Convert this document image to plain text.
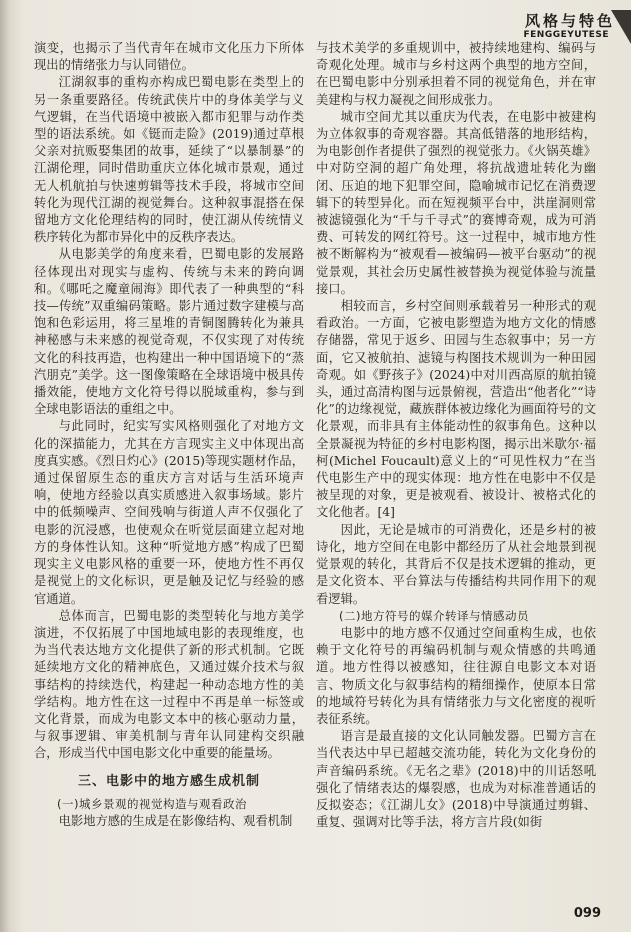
风格与特色
FENGGEYUTESE

演变，也揭示了当代青年在城市文化压力下所体现出的情绪张力与认同错位。

江湖叙事的重构亦构成巴蜀电影在类型上的另一条重要路径。传统武侠片中的身体美学与义气逻辑，在当代语境中被嵌入都市犯罪与动作类型的语法系统。如《铤而走险》(2019)通过草根父亲对抗贩娶集团的故事，延续了“以暴制暴”的江湖伦理，同时借助重庆立体化城市景观，通过无人机航拍与快速剪辑等技术手段，将城市空间转化为现代江湖的视觉舞台。这种叙事混搭在保留地方文化伦理结构的同时，使江湖从传统情义秩序转化为都市异化中的反秩序表达。

从电影美学的角度来看，巴蜀电影的发展路径体现出对现实与虚构、传统与未来的跨向调和。《哪吒之魔童闹海》即代表了一种典型的“科技—传统”双重编码策略。影片通过数字建模与高饱和色彩运用，将三星堆的青铜图腾转化为兼具神秘感与未来感的视觉奇观，不仅实现了对传统文化的科技再造，也构建出一种中国语境下的“蒸汽朋克”美学。这一图像策略在全球语境中极具传播效能，使地方文化符号得以脱域重构，参与到全球电影语法的重组之中。

与此同时，纪实写实风格则强化了对地方文化的深描能力，尤其在方言现实主义中体现出高度真实感。《烈日灼心》(2015)等现实题材作品，通过保留原生态的重庆方言对话与生活环境声响，使地方经验以真实质感进入叙事场域。影片中的低频噪声、空间残响与街道人声不仅强化了电影的沉浸感，也使观众在听觉层面建立起对地方的身体性认知。这种“听觉地方感”构成了巴蜀现实主义电影风格的重要一环，使地方性不再仅是视觉上的文化标识，更是触及记忆与经验的感官通道。

总体而言，巴蜀电影的类型转化与地方美学演进，不仅拓展了中国地域电影的表现维度，也为当代表达地方文化提供了新的形式机制。它既延续地方文化的精神底色，又通过媒介技术与叙事结构的持续迭代，构建起一种动态地方性的美学结构。地方性在这一过程中不再是单一标签或文化背景，而成为电影文本中的核心驱动力量，与叙事逻辑、审美机制与青年认同建构交织融合，形成当代中国电影文化中重要的能量场。

三、电影中的地方感生成机制

(一)城乡景观的视觉构造与观看政治

电影地方感的生成是在影像结构、观看机制

与技术美学的多重规训中，被持续地建构、编码与奇观化处理。城市与乡村这两个典型的地方空间，在巴蜀电影中分别承担着不同的视觉角色，并在审美建构与权力凝视之间形成张力。

城市空间尤其以重庆为代表，在电影中被建构为立体叙事的奇观容器。其高低错落的地形结构，为电影创作者提供了强烈的视觉张力。《火锅英雄》中对防空洞的超广角处理，将抗战遗址转化为幽闭、压迫的地下犯罪空间，隐喻城市记忆在消费逻辑下的转型异化。而在短视频平台中，洪崖洞则常被滤镜强化为“千与千寻式”的赛博奇观，成为可消费、可转发的网红符号。这一过程中，城市地方性被不断解构为“被观看—被编码—被平台驱动”的视觉景观，其社会历史属性被替换为视觉体验与流量接口。

相较而言，乡村空间则承载着另一种形式的观看政治。一方面，它被电影塑造为地方文化的情感存储器，常见于返乡、田园与生态叙事中；另一方面，它又被航拍、滤镜与构图技术规训为一种田园奇观。如《野孩子》(2024)中对川西高原的航拍镜头，通过高清构图与远景俯视，营造出“他者化”“诗化”的边缘视觉，藏族群体被边缘化为画面符号的文化景观，而非具有主体能动性的叙事角色。这种以全景凝视为特征的乡村电影构图，揭示出米歇尔·福柯(Michel Foucault)意义上的“可见性权力”在当代电影生产中的现实体现：地方性在电影中不仅是被呈现的对象，更是被观看、被设计、被格式化的文化他者。[4]

因此，无论是城市的可消费化，还是乡村的被诗化，地方空间在电影中都经历了从社会地景到视觉景观的转化，其背后不仅是技术逻辑的推动，更是文化资本、平台算法与传播结构共同作用下的观看逻辑。

(二)地方符号的媒介转译与情感动员

电影中的地方感不仅通过空间重构生成，也依赖于文化符号的再编码机制与观众情感的共鸣通道。地方性得以被感知，往往源自电影文本对语言、物质文化与叙事结构的精细操作，使原本日常的地域符号转化为具有情绪张力与文化密度的视听表征系统。

语言是最直接的文化认同触发器。巴蜀方言在当代表达中早已超越交流功能，转化为文化身份的声音编码系统。《无名之辈》(2018)中的川话怒吼强化了情绪表达的爆裂感，也成为对标准普通话的反拟姿态；《江湖儿女》(2018)中导演通过剪辑、重复、强调对比等手法，将方言片段(如街

099
